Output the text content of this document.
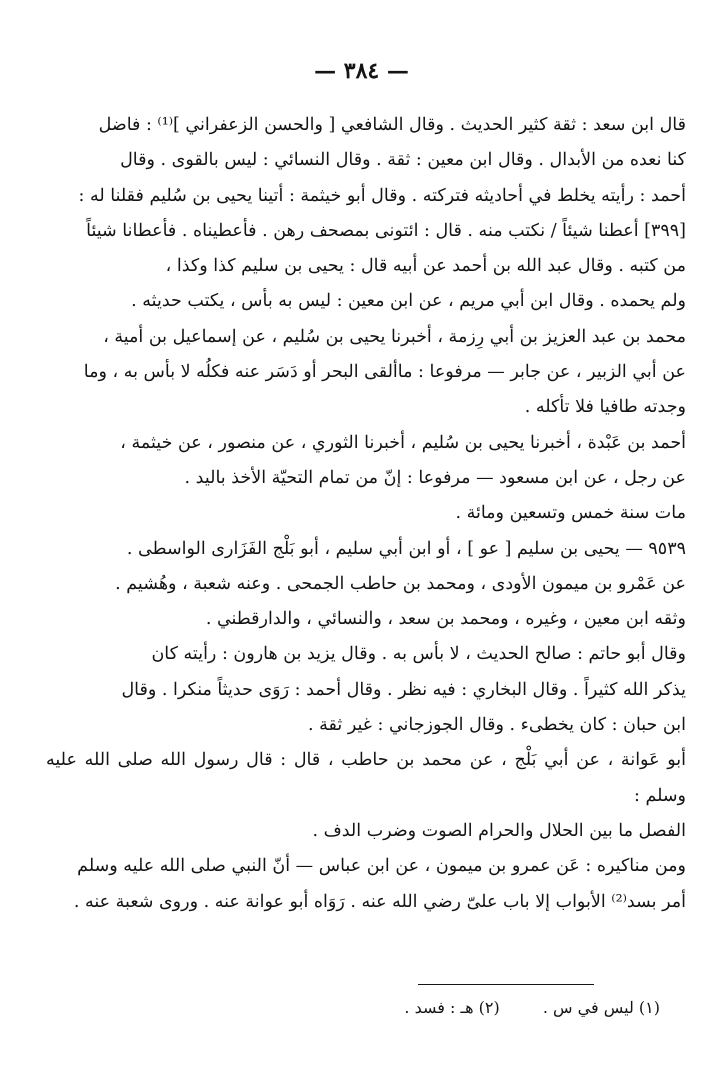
— ٣٨٤ —

قال ابن سعد : ثقة كثير الحديث . وقال الشافعي [ والحسن الزعفراني ]⁽¹⁾ : فاضل
كنا نعده من الأبدال . وقال ابن معين : ثقة . وقال النسائي : ليس بالقوى . وقال
أحمد : رأيته يخلط في أحاديثه فتركته . وقال أبو خيثمة : أتينا يحيى بن سُليم فقلنا له :
[٣٩٩] أعطنا شيئاً / نكتب منه . قال : ائتونى بمصحف رهن . فأعطيناه . فأعطانا شيئاً
من كتبه . وقال عبد الله بن أحمد عن أبيه قال : يحيى بن سليم كذا وكذا ،
ولم يحمده . وقال ابن أبي مريم ، عن ابن معين : ليس به بأس ، يكتب حديثه .

محمد بن عبد العزيز بن أبي رِزمة ، أخبرنا يحيى بن سُليم ، عن إسماعيل بن أمية ،
عن أبي الزبير ، عن جابر — مرفوعا : ماألقى البحر أو دَسَر عنه فكلُه لا بأس به ، وما
وجدته طافيا فلا تأكله .

أحمد بن عَبْدة ، أخبرنا يحيى بن سُليم ، أخبرنا الثوري ، عن منصور ، عن خيثمة ،
عن رجل ، عن ابن مسعود — مرفوعا : إنّ من تمام التحيّة الأخذ باليد .

مات سنة خمس وتسعين ومائة .

٩٥٣٩ — يحيى بن سليم [ عو ] ، أو ابن أبي سليم ، أبو بَلْج الفَزَارى الواسطى .
عن عَمْرو بن ميمون الأودى ، ومحمد بن حاطب الجمحى . وعنه شعبة ، وهُشيم .

وثقه ابن معين ، وغيره ، ومحمد بن سعد ، والنسائي ، والدارقطني .

وقال أبو حاتم : صالح الحديث ، لا بأس به . وقال يزيد بن هارون : رأيته كان
يذكر الله كثيراً . وقال البخاري : فيه نظر . وقال أحمد : رَوَى حديثاً منكرا . وقال
ابن حبان : كان يخطىء . وقال الجوزجاني : غير ثقة .

أبو عَوانة ، عن أبي بَلْج ، عن محمد بن حاطب ، قال : قال رسول الله صلى الله عليه وسلم :
الفصل ما بين الحلال والحرام الصوت وضرب الدف .

ومن مناكيره : عَن عمرو بن ميمون ، عن ابن عباس — أنّ النبي صلى الله عليه وسلم
أمر بسد⁽²⁾ الأبواب إلا باب علىّ رضي الله عنه . رَوَاه أبو عوانة عنه . وروى شعبة عنه .

(١) ليس في س . (٢) هـ : فسد .
